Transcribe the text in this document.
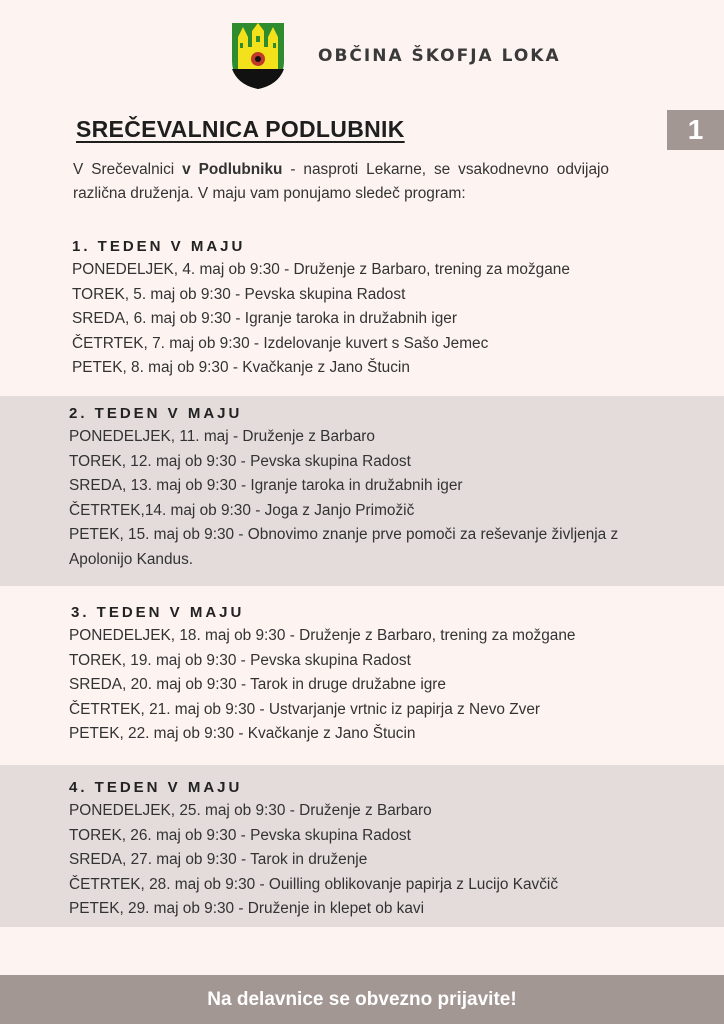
OBČINA ŠKOFJA LOKA
1
SREČEVALNICA PODLUBNIK
V Srečevalnici v Podlubniku - nasproti Lekarne, se vsakodnevno odvijajo različna druženja. V maju vam ponujamo sledeč program:

1. TEDEN V MAJU

PONEDELJEK, 4. maj ob 9:30 - Druženje z Barbaro, trening za možgane

TOREK, 5. maj ob 9:30 - Pevska skupina Radost

SREDA, 6. maj ob 9:30 - Igranje taroka in družabnih iger

ČETRTEK, 7. maj ob 9:30 - Izdelovanje kuvert s Sašo Jemec

PETEK, 8. maj ob 9:30 - Kvačkanje z Jano Štucin

2. TEDEN V MAJU

PONEDELJEK, 11. maj - Druženje z Barbaro

TOREK, 12. maj ob 9:30 - Pevska skupina Radost

SREDA, 13. maj ob 9:30 - Igranje taroka in družabnih iger

ČETRTEK,14. maj ob 9:30 - Joga z Janjo Primožič

PETEK, 15. maj ob 9:30 - Obnovimo znanje prve pomoči za reševanje življenja z Apolonijo Kandus.

3. TEDEN V MAJU

PONEDELJEK, 18. maj ob 9:30 - Druženje z Barbaro, trening za možgane

TOREK, 19. maj ob 9:30 - Pevska skupina Radost

SREDA, 20. maj ob 9:30 - Tarok in druge družabne igre

ČETRTEK, 21. maj ob 9:30 - Ustvarjanje vrtnic iz papirja z Nevo Zver

PETEK, 22. maj ob 9:30 - Kvačkanje z Jano Štucin

4. TEDEN V MAJU

PONEDELJEK, 25. maj ob 9:30 - Druženje z Barbaro

TOREK, 26. maj ob 9:30 - Pevska skupina Radost

SREDA, 27. maj ob 9:30 - Tarok in druženje

ČETRTEK, 28. maj ob 9:30 - Ouilling oblikovanje papirja z Lucijo Kavčič

PETEK, 29. maj ob 9:30 - Druženje in klepet ob kavi

Na delavnice se obvezno prijavite!
